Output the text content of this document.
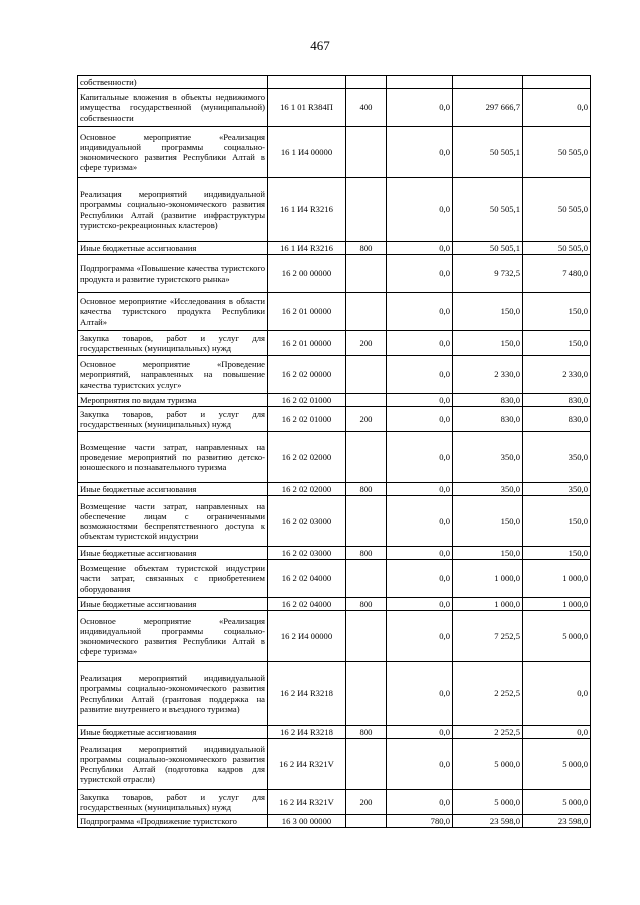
467
собственности)					
Капитальные вложения в объекты недвижимого имущества государственной (муниципальной) собственности	16 1 01 R384П	400	0,0	297 666,7	0,0
Основное мероприятие «Реализация индивидуальной программы социально-экономического развития Республики Алтай в сфере туризма»	16 1 И4 00000		0,0	50 505,1	50 505,0
Реализация мероприятий индивидуальной программы социально-экономического развития Республики Алтай (развитие инфраструктуры туристско-рекреационных кластеров)	16 1 И4 R3216		0,0	50 505,1	50 505,0
Иные бюджетные ассигнования	16 1 И4 R3216	800	0,0	50 505,1	50 505,0
Подпрограмма «Повышение качества туристского продукта и развитие туристского рынка»	16 2 00 00000		0,0	9 732,5	7 480,0
Основное мероприятие «Исследования в области качества туристского продукта Республики Алтай»	16 2 01 00000		0,0	150,0	150,0
Закупка товаров, работ и услуг для государственных (муниципальных) нужд	16 2 01 00000	200	0,0	150,0	150,0
Основное мероприятие «Проведение мероприятий, направленных на повышение качества туристских услуг»	16 2 02 00000		0,0	2 330,0	2 330,0
Мероприятия по видам туризма	16 2 02 01000		0,0	830,0	830,0
Закупка товаров, работ и услуг для государственных (муниципальных) нужд	16 2 02 01000	200	0,0	830,0	830,0
Возмещение части затрат, направленных на проведение мероприятий по развитию детско-юношеского и познавательного туризма	16 2 02 02000		0,0	350,0	350,0
Иные бюджетные ассигнования	16 2 02 02000	800	0,0	350,0	350,0
Возмещение части затрат, направленных на обеспечение лицам с ограниченными возможностями беспрепятственного доступа к объектам туристской индустрии	16 2 02 03000		0,0	150,0	150,0
Иные бюджетные ассигнования	16 2 02 03000	800	0,0	150,0	150,0
Возмещение объектам туристской индустрии части затрат, связанных с приобретением оборудования	16 2 02 04000		0,0	1 000,0	1 000,0
Иные бюджетные ассигнования	16 2 02 04000	800	0,0	1 000,0	1 000,0
Основное мероприятие «Реализация индивидуальной программы социально-экономического развития Республики Алтай в сфере туризма»	16 2 И4 00000		0,0	7 252,5	5 000,0
Реализация мероприятий индивидуальной программы социально-экономического развития Республики Алтай (грантовая поддержка на развитие внутреннего и въездного туризма)	16 2 И4 R3218		0,0	2 252,5	0,0
Иные бюджетные ассигнования	16 2 И4 R3218	800	0,0	2 252,5	0,0
Реализация мероприятий индивидуальной программы социально-экономического развития Республики Алтай (подготовка кадров для туристской отрасли)	16 2 И4 R321V		0,0	5 000,0	5 000,0
Закупка товаров, работ и услуг для государственных (муниципальных) нужд	16 2 И4 R321V	200	0,0	5 000,0	5 000,0
Подпрограмма «Продвижение туристского	16 3 00 00000		780,0	23 598,0	23 598,0
